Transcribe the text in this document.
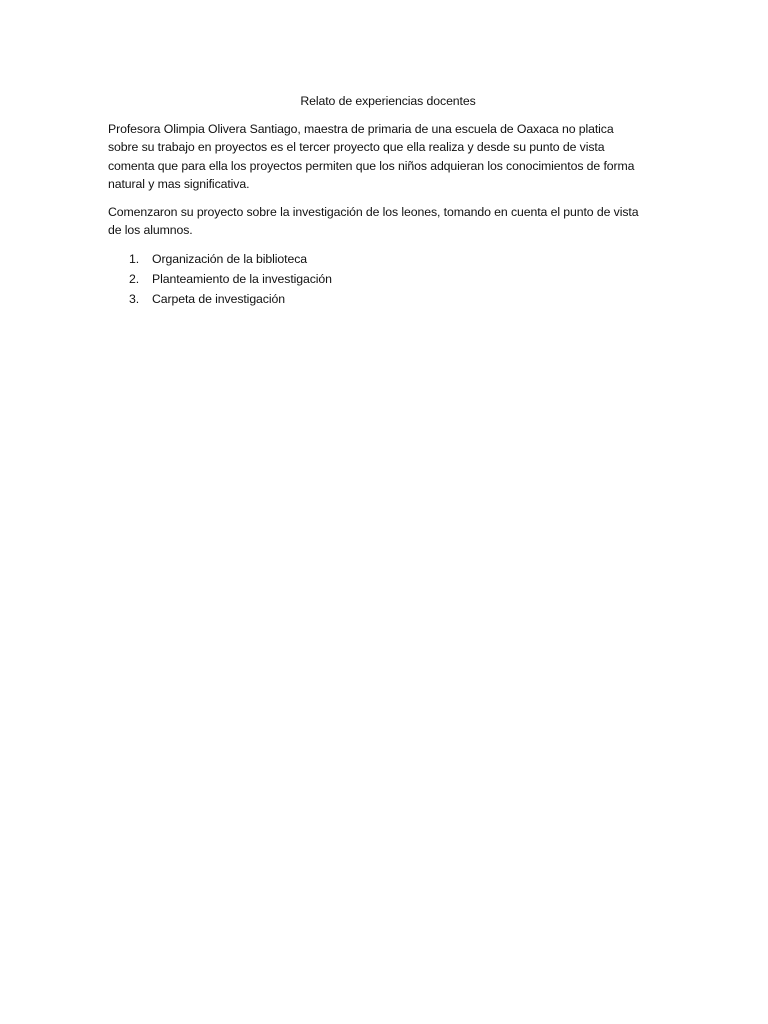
Relato de experiencias docentes

Profesora Olimpia Olivera Santiago, maestra de primaria de una escuela de Oaxaca no platica
sobre su trabajo en proyectos es el tercer proyecto que ella realiza y desde su punto de vista
comenta que para ella los proyectos permiten que los niños adquieran los conocimientos de forma
natural y mas significativa.

Comenzaron su proyecto sobre la investigación de los leones, tomando en cuenta el punto de vista
de los alumnos.

1. Organización de la biblioteca
2. Planteamiento de la investigación
3. Carpeta de investigación
